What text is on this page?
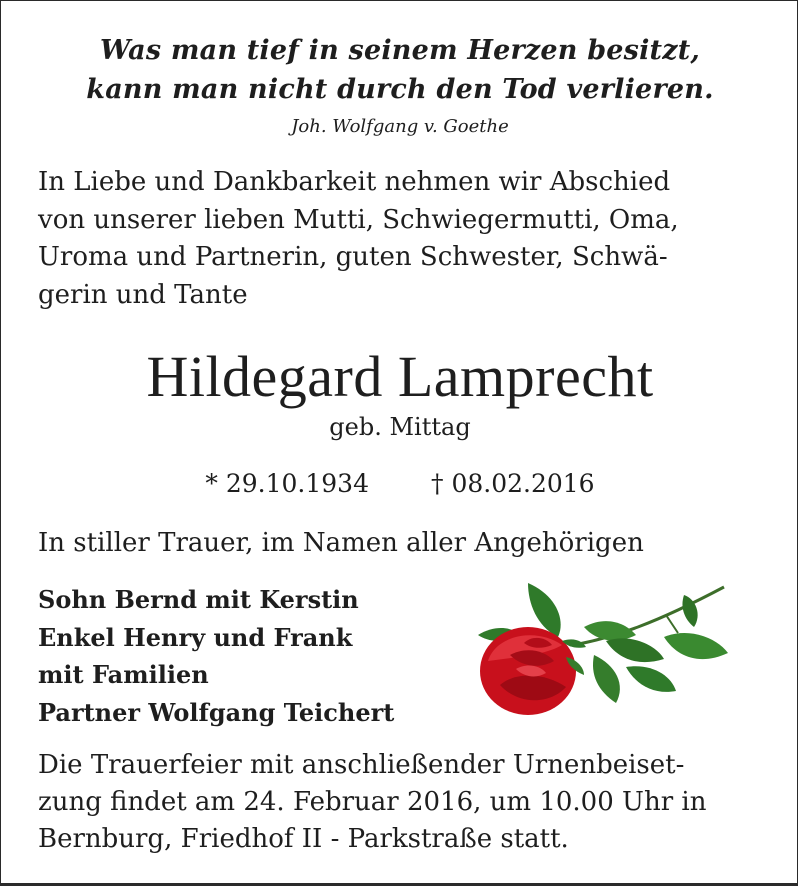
Was man tief in seinem Herzen besitzt,
kann man nicht durch den Tod verlieren.
Joh. Wolfgang v. Goethe
In Liebe und Dankbarkeit nehmen wir Abschied
von unserer lieben Mutti, Schwiegermutti, Oma,
Uroma und Partnerin, guten Schwester, Schwä-
gerin und Tante
Hildegard Lamprecht
geb. Mittag
* 29.10.1934 † 08.02.2016
In stiller Trauer, im Namen aller Angehörigen
Sohn Bernd mit Kerstin
Enkel Henry und Frank
mit Familien
Partner Wolfgang Teichert
Die Trauerfeier mit anschließender Urnenbeiset-
zung findet am 24. Februar 2016, um 10.00 Uhr in
Bernburg, Friedhof II - Parkstraße statt.
